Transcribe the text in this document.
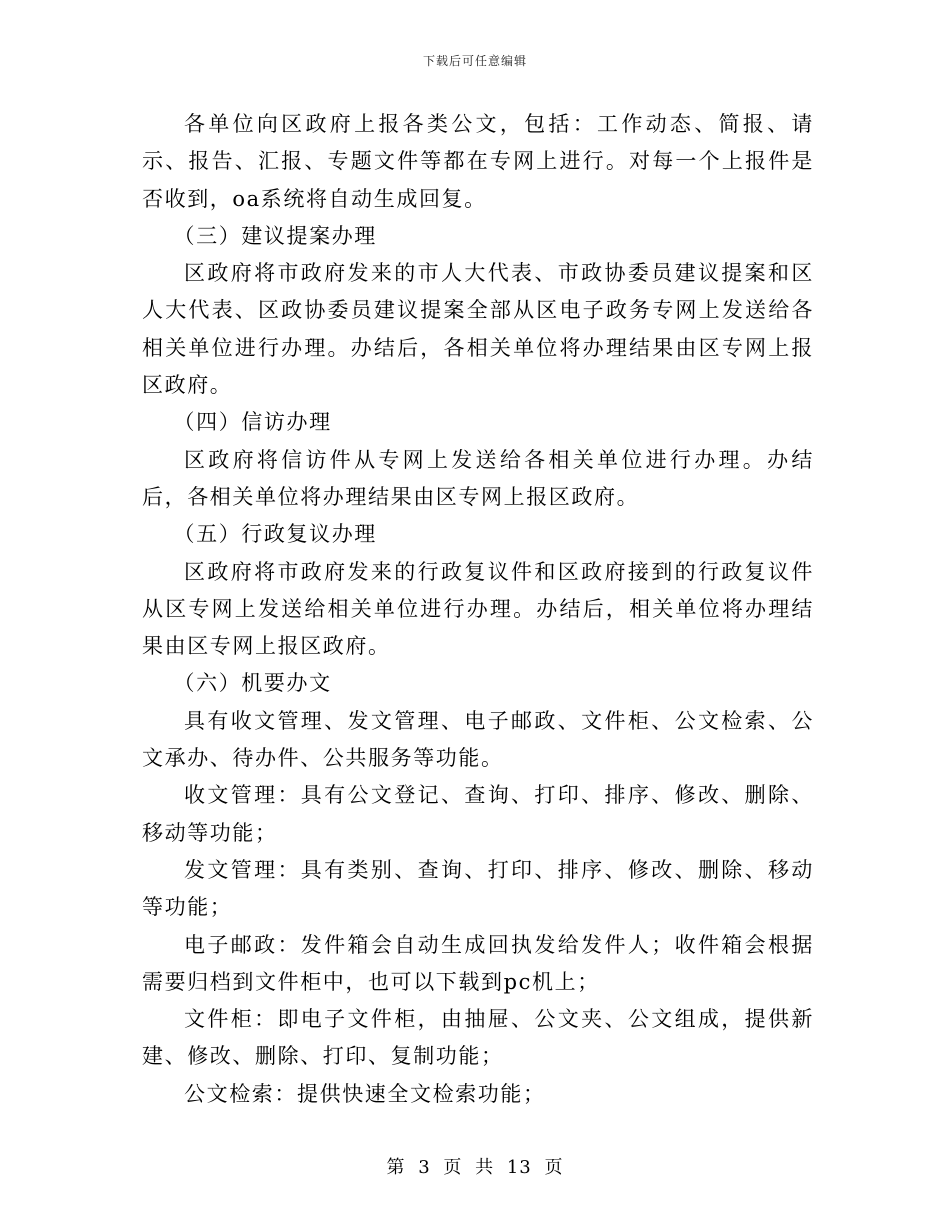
下载后可任意编辑

各单位向区政府上报各类公文，包括：工作动态、简报、请示、报告、汇报、专题文件等都在专网上进行。对每一个上报件是否收到，oa系统将自动生成回复。

（三）建议提案办理

区政府将市政府发来的市人大代表、市政协委员建议提案和区人大代表、区政协委员建议提案全部从区电子政务专网上发送给各相关单位进行办理。办结后，各相关单位将办理结果由区专网上报区政府。

（四）信访办理

区政府将信访件从专网上发送给各相关单位进行办理。办结后，各相关单位将办理结果由区专网上报区政府。

（五）行政复议办理

区政府将市政府发来的行政复议件和区政府接到的行政复议件从区专网上发送给相关单位进行办理。办结后，相关单位将办理结果由区专网上报区政府。

（六）机要办文

具有收文管理、发文管理、电子邮政、文件柜、公文检索、公文承办、待办件、公共服务等功能。

收文管理：具有公文登记、查询、打印、排序、修改、删除、移动等功能；

发文管理：具有类别、查询、打印、排序、修改、删除、移动等功能；

电子邮政：发件箱会自动生成回执发给发件人；收件箱会根据需要归档到文件柜中，也可以下载到pc机上；

文件柜：即电子文件柜，由抽屉、公文夹、公文组成，提供新建、修改、删除、打印、复制功能；

公文检索：提供快速全文检索功能；

第 3 页 共 13 页
